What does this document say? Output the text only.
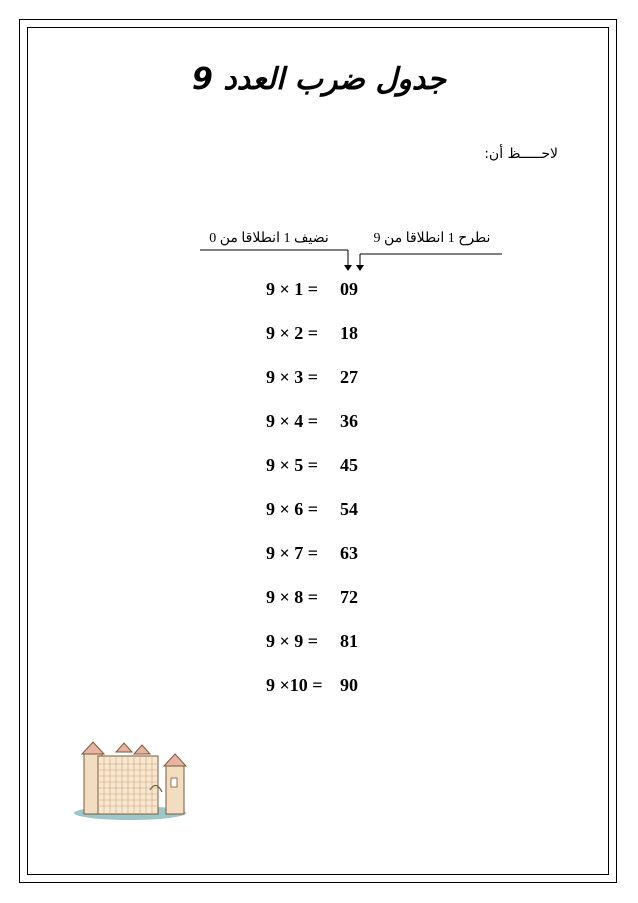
جدول ضرب العدد 9
لاحـــــظ أن:
نضيف 1 انطلاقا من 0	نطرح 1 انطلاقا من 9
9 × 1 =	09
9 × 2 =	18
9 × 3 =	27
9 × 4 =	36
9 × 5 =	45
9 × 6 =	54
9 × 7 =	63
9 × 8 =	72
9 × 9 =	81
9 ×10 = 90
